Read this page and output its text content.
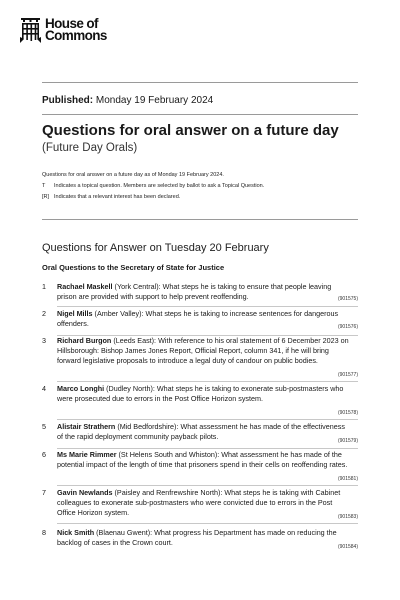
House of
Commons
Published: Monday 19 February 2024
Questions for oral answer on a future day
(Future Day Orals)
Questions for oral answer on a future day as of Monday 19 February 2024.
T	Indicates a topical question. Members are selected by ballot to ask a Topical Question.
[R] Indicates that a relevant interest has been declared.
Questions for Answer on Tuesday 20 February
Oral Questions to the Secretary of State for Justice
1 Rachael Maskell (York Central): What steps he is taking to ensure that people leaving prison are provided with support to help prevent reoffending.	(901575)
2 Nigel Mills (Amber Valley): What steps he is taking to increase sentences for dangerous offenders.	(901576)
3 Richard Burgon (Leeds East): With reference to his oral statement of 6 December 2023 on Hillsborough: Bishop James Jones Report, Official Report, column 341, if he will bring forward legislative proposals to introduce a legal duty of candour on public bodies.
(901577)
4 Marco Longhi (Dudley North): What steps he is taking to exonerate sub-postmasters who were prosecuted due to errors in the Post Office Horizon system.
(901578)
5 Alistair Strathern (Mid Bedfordshire): What assessment he has made of the effectiveness of the rapid deployment community payback pilots.	(901579)
6 Ms Marie Rimmer (St Helens South and Whiston): What assessment he has made of the potential impact of the length of time that prisoners spend in their cells on reoffending rates.
(901581)
7 Gavin Newlands (Paisley and Renfrewshire North): What steps he is taking with Cabinet colleagues to exonerate sub-postmasters who were convicted due to errors in the Post Office Horizon system.	(901583)
8 Nick Smith (Blaenau Gwent): What progress his Department has made on reducing the backlog of cases in the Crown court.	(901584)
